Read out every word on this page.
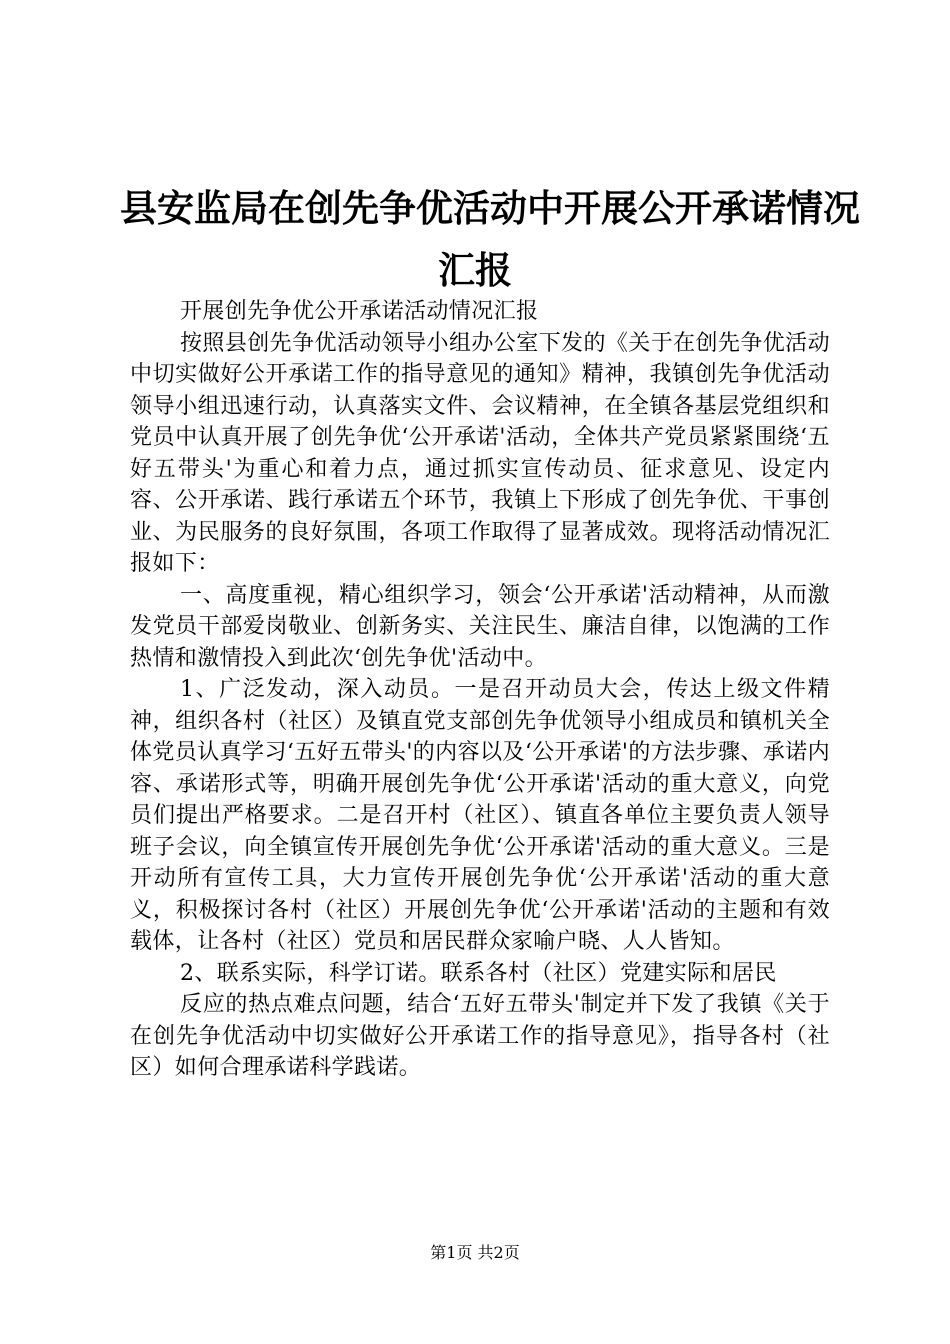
县安监局在创先争优活动中开展公开承诺情况
汇报

开展创先争优公开承诺活动情况汇报

按照县创先争优活动领导小组办公室下发的《关于在创先争优活动中切实做好公开承诺工作的指导意见的通知》精神，我镇创先争优活动领导小组迅速行动，认真落实文件、会议精神，在全镇各基层党组织和党员中认真开展了创先争优‘公开承诺'活动，全体共产党员紧紧围绕‘五好五带头'为重心和着力点，通过抓实宣传动员、征求意见、设定内容、公开承诺、践行承诺五个环节，我镇上下形成了创先争优、干事创业、为民服务的良好氛围，各项工作取得了显著成效。现将活动情况汇报如下：

一、高度重视，精心组织学习，领会‘公开承诺'活动精神，从而激发党员干部爱岗敬业、创新务实、关注民生、廉洁自律，以饱满的工作热情和激情投入到此次‘创先争优'活动中。

1、广泛发动，深入动员。一是召开动员大会，传达上级文件精神，组织各村（社区）及镇直党支部创先争优领导小组成员和镇机关全体党员认真学习‘五好五带头'的内容以及‘公开承诺'的方法步骤、承诺内容、承诺形式等，明确开展创先争优‘公开承诺'活动的重大意义，向党员们提出严格要求。二是召开村（社区）、镇直各单位主要负责人领导班子会议，向全镇宣传开展创先争优‘公开承诺'活动的重大意义。三是开动所有宣传工具，大力宣传开展创先争优‘公开承诺'活动的重大意义，积极探讨各村（社区）开展创先争优‘公开承诺'活动的主题和有效载体，让各村（社区）党员和居民群众家喻户晓、人人皆知。

2、联系实际，科学订诺。联系各村（社区）党建实际和居民

反应的热点难点问题，结合‘五好五带头'制定并下发了我镇《关于在创先争优活动中切实做好公开承诺工作的指导意见》，指导各村（社区）如何合理承诺科学践诺。

第1页 共2页
